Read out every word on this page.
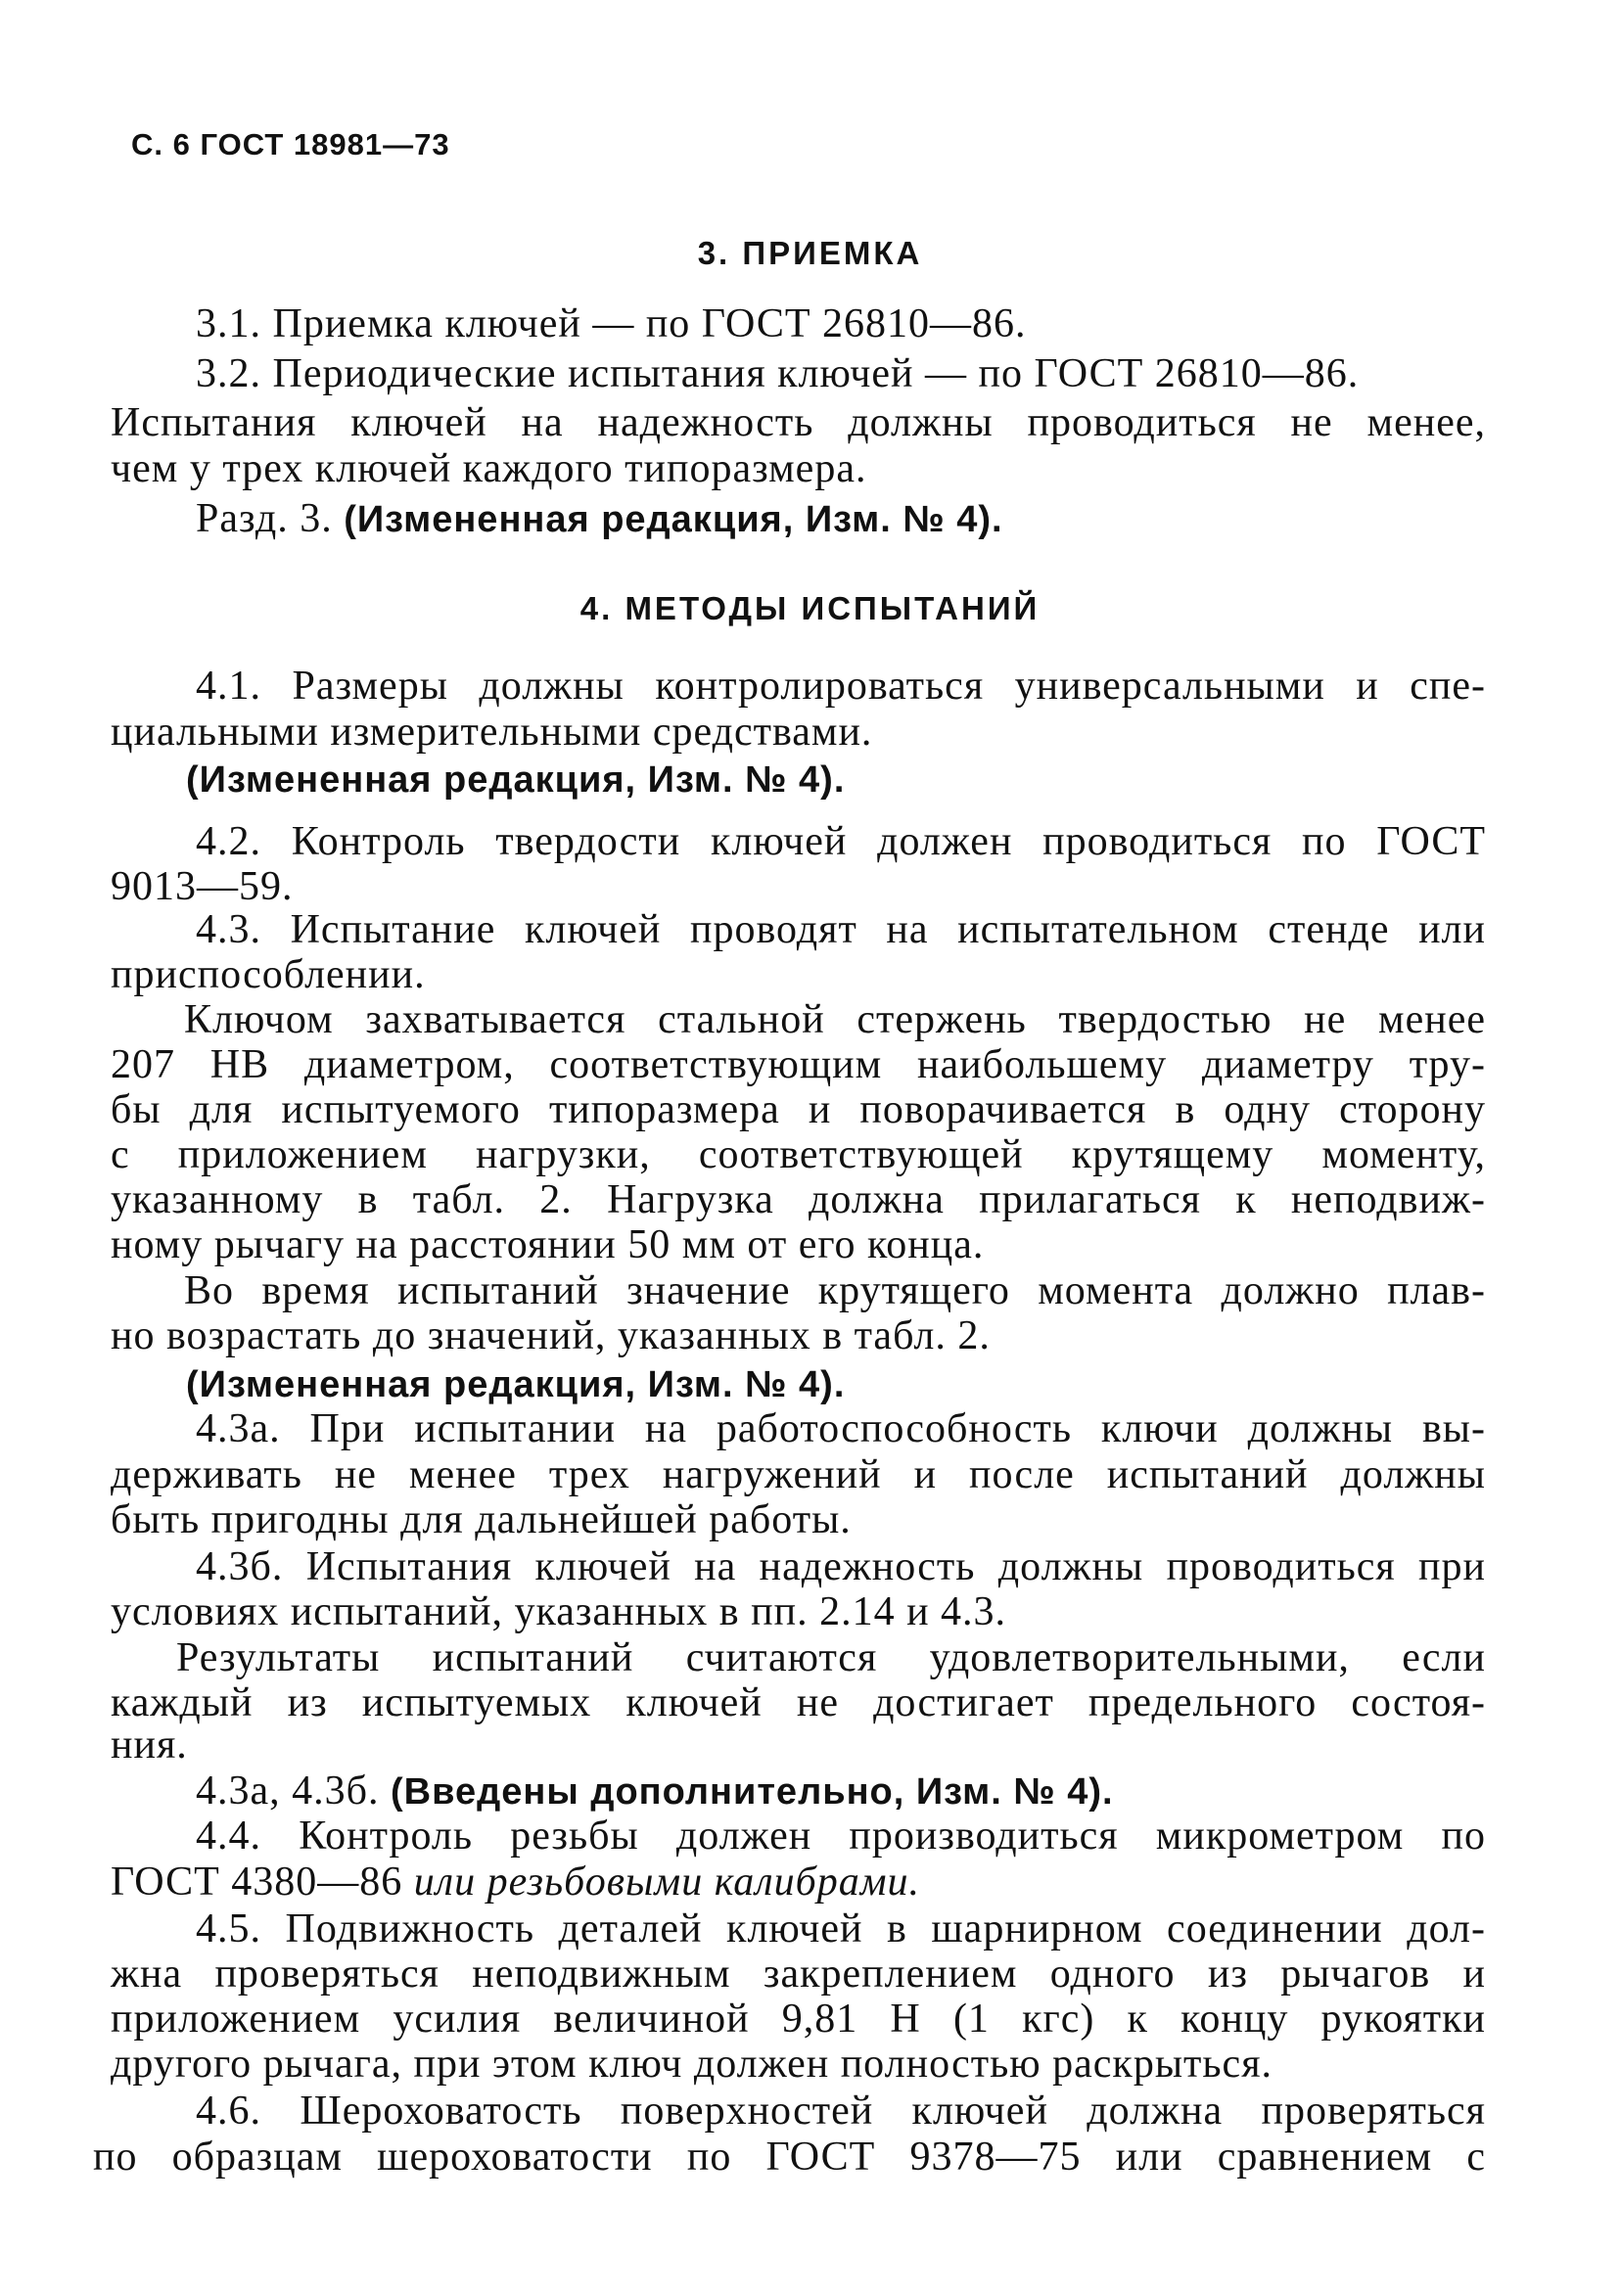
С. 6 ГОСТ 18981—73
3. ПРИЕМКА
3.1. Приемка ключей — по ГОСТ 26810—86.
3.2. Периодические испытания ключей — по ГОСТ 26810—86.
Испытания ключей на надежность должны проводиться не менее,
чем у трех ключей каждого типоразмера.
Разд. 3. (Измененная редакция, Изм. № 4).
4. МЕТОДЫ ИСПЫТАНИЙ
4.1. Размеры должны контролироваться универсальными и спе-
циальными измерительными средствами.
(Измененная редакция, Изм. № 4).
4.2. Контроль твердости ключей должен проводиться по ГОСТ
9013—59.
4.3. Испытание ключей проводят на испытательном стенде или
приспособлении.
Ключом захватывается стальной стержень твердостью не менее
207 НВ диаметром, соответствующим наибольшему диаметру тру-
бы для испытуемого типоразмера и поворачивается в одну сторону
с приложением нагрузки, соответствующей крутящему моменту,
указанному в табл. 2. Нагрузка должна прилагаться к неподвиж-
ному рычагу на расстоянии 50 мм от его конца.
Во время испытаний значение крутящего момента должно плав-
но возрастать до значений, указанных в табл. 2.
(Измененная редакция, Изм. № 4).
4.3а. При испытании на работоспособность ключи должны вы-
держивать не менее трех нагружений и после испытаний должны
быть пригодны для дальнейшей работы.
4.3б. Испытания ключей на надежность должны проводиться при
условиях испытаний, указанных в пп. 2.14 и 4.3.
Результаты испытаний считаются удовлетворительными, если
каждый из испытуемых ключей не достигает предельного состоя-
ния.
4.3а, 4.3б. (Введены дополнительно, Изм. № 4).
4.4. Контроль резьбы должен производиться микрометром по
ГОСТ 4380—86 или резьбовыми калибрами.
4.5. Подвижность деталей ключей в шарнирном соединении дол-
жна проверяться неподвижным закреплением одного из рычагов и
приложением усилия величиной 9,81 Н (1 кгс) к концу рукоятки
другого рычага, при этом ключ должен полностью раскрыться.
4.6. Шероховатость поверхностей ключей должна проверяться
по образцам шероховатости по ГОСТ 9378—75 или сравнением с
